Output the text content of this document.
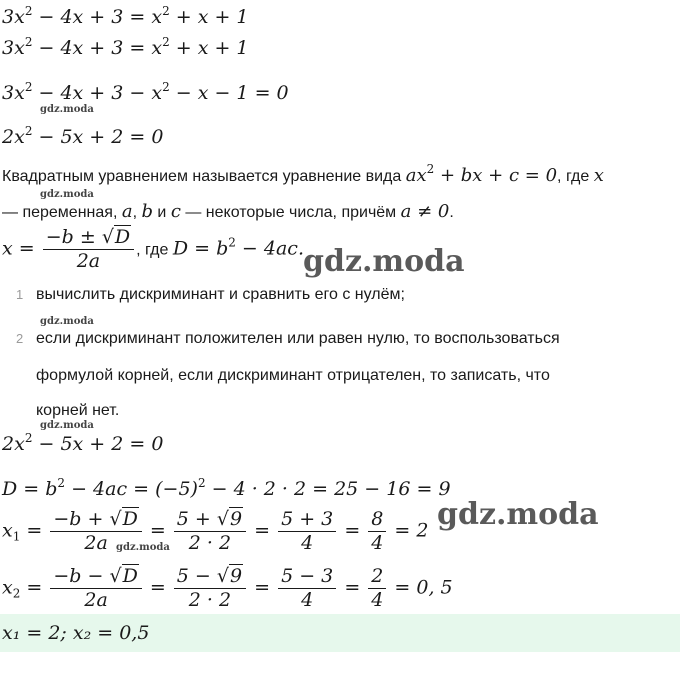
$3x^2 - 4x + 3 = x^2 + x + 1$
$3x^2 - 4x + 3 = x^2 + x + 1$
$3x^2 - 4x + 3 - x^2 - x - 1 = 0$
gdz.moda
$2x^2 - 5x + 2 = 0$
Квадратным уравнением называется уравнение вида $ax^2$ + bx + c = 0, где x
gdz.moda
— переменная, a, b и c — некоторые числа, причём a ≠ 0.
$x = \frac{-b \pm √D}{2a}$ , где $D = b^2 - 4ac$. gdz.moda
1 вычислить дискриминант и сравнить его с нулём;
gdz.moda
2 если дискриминант положителен или равен нулю, то воспользоваться
формулой корней, если дискриминант отрицателен, то записать, что
корней нет.
gdz.moda
$2x^2 - 5x + 2 = 0$
$D = b^2 - 4ac = (-5)^2 - 4 \cdot 2 \cdot 2 = 25 - 16 = 9$
gdz.moda
$x_1 = \frac{-b + √D}{2a} = \frac{5 + √9}{2 \cdot 2} = \frac{5 + 3}{4} = \frac{8}{4} = 2$
gdz.moda
$x_2 = \frac{-b - √D}{2a} = \frac{5 - √9}{2 \cdot 2} = \frac{5 - 3}{4} = \frac{2}{4} = 0$, 5
x₁ = 2; x₂ = 0,5
